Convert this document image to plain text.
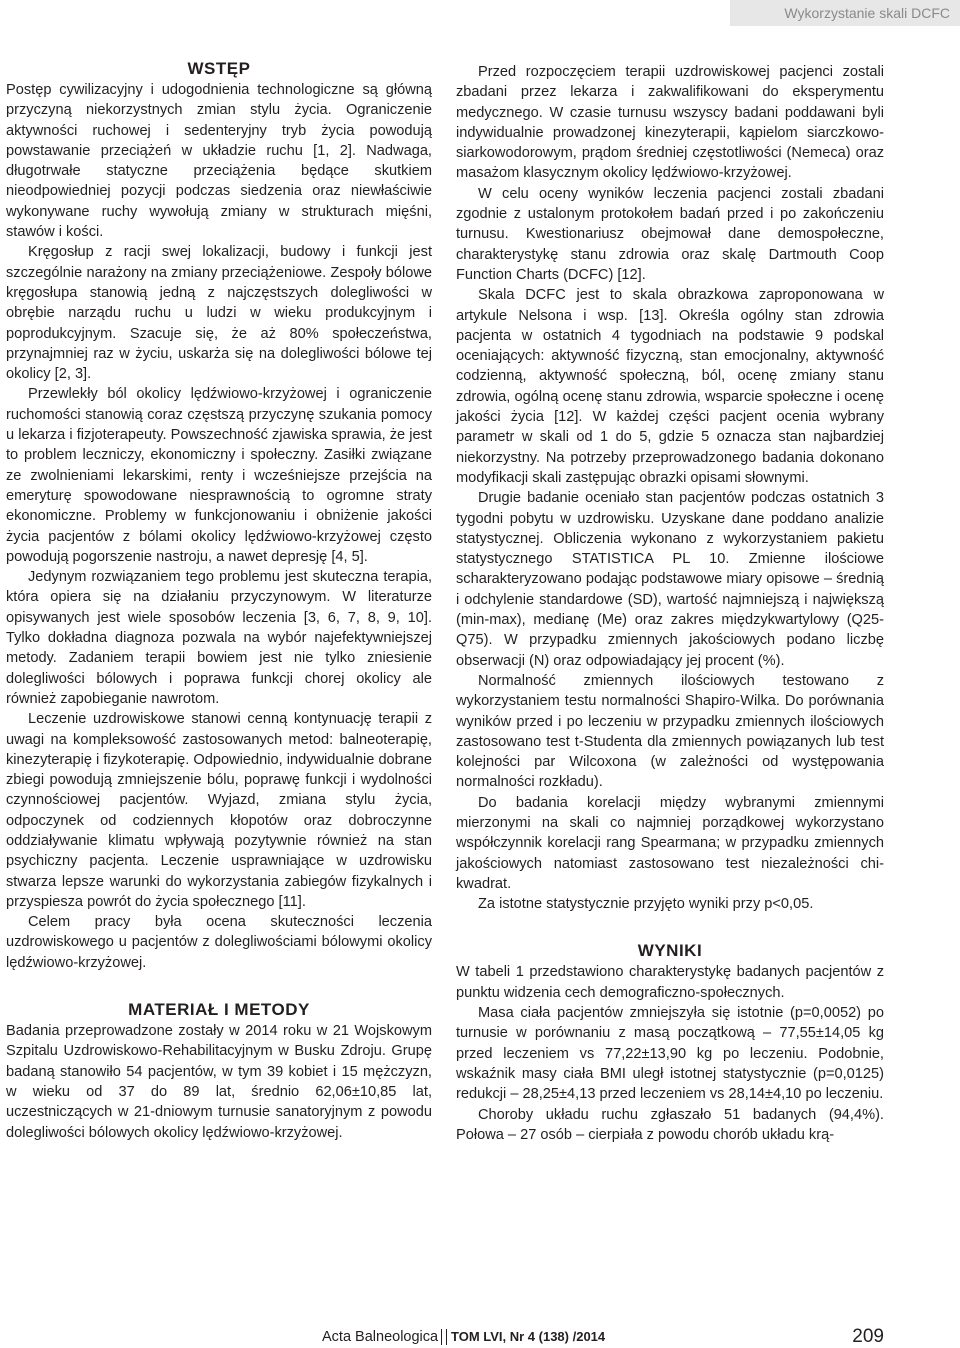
Wykorzystanie skali DCFC
WSTĘP

Postęp cywilizacyjny i udogodnienia technologiczne są główną przyczyną niekorzystnych zmian stylu życia. Ograniczenie aktywności ruchowej i sedenteryjny tryb życia powodują powstawanie przeciążeń w układzie ruchu [1, 2]. Nadwaga, długotrwałe statyczne przeciążenia będące skutkiem nieodpowiedniej pozycji podczas siedzenia oraz niewłaściwie wykonywane ruchy wywołują zmiany w strukturach mięśni, stawów i kości.

Kręgosłup z racji swej lokalizacji, budowy i funkcji jest szczególnie narażony na zmiany przeciążeniowe. Zespoły bólowe kręgosłupa stanowią jedną z najczęstszych dolegliwości w obrębie narządu ruchu u ludzi w wieku produkcyjnym i poprodukcyjnym. Szacuje się, że aż 80% społeczeństwa, przynajmniej raz w życiu, uskarża się na dolegliwości bólowe tej okolicy [2, 3].

Przewlekły ból okolicy lędźwiowo-krzyżowej i ograniczenie ruchomości stanowią coraz częstszą przyczynę szukania pomocy u lekarza i fizjoterapeuty. Powszechność zjawiska sprawia, że jest to problem leczniczy, ekonomiczny i społeczny. Zasiłki związane ze zwolnieniami lekarskimi, renty i wcześniejsze przejścia na emeryturę spowodowane niesprawnością to ogromne straty ekonomiczne. Problemy w funkcjonowaniu i obniżenie jakości życia pacjentów z bólami okolicy lędźwiowo-krzyżowej często powodują pogorszenie nastroju, a nawet depresję [4, 5].

Jedynym rozwiązaniem tego problemu jest skuteczna terapia, która opiera się na działaniu przyczynowym. W literaturze opisywanych jest wiele sposobów leczenia [3, 6, 7, 8, 9, 10]. Tylko dokładna diagnoza pozwala na wybór najefektywniejszej metody. Zadaniem terapii bowiem jest nie tylko zniesienie dolegliwości bólowych i poprawa funkcji chorej okolicy ale również zapobieganie nawrotom.

Leczenie uzdrowiskowe stanowi cenną kontynuację terapii z uwagi na kompleksowość zastosowanych metod: balneoterapię, kinezyterapię i fizykoterapię. Odpowiednio, indywidualnie dobrane zbiegi powodują zmniejszenie bólu, poprawę funkcji i wydolności czynnościowej pacjentów. Wyjazd, zmiana stylu życia, odpoczynek od codziennych kłopotów oraz dobroczynne oddziaływanie klimatu wpływają pozytywnie również na stan psychiczny pacjenta. Leczenie usprawniające w uzdrowisku stwarza lepsze warunki do wykorzystania zabiegów fizykalnych i przyspiesza powrót do życia społecznego [11].

Celem pracy była ocena skuteczności leczenia uzdrowiskowego u pacjentów z dolegliwościami bólowymi okolicy lędźwiowo-krzyżowej.

MATERIAŁ I METODY

Badania przeprowadzone zostały w 2014 roku w 21 Wojskowym Szpitalu Uzdrowiskowo-Rehabilitacyjnym w Busku Zdroju. Grupę badaną stanowiło 54 pacjentów, w tym 39 kobiet i 15 mężczyzn, w wieku od 37 do 89 lat, średnio 62,06±10,85 lat, uczestniczących w 21-dniowym turnusie sanatoryjnym z powodu dolegliwości bólowych okolicy lędźwiowo-krzyżowej.

Przed rozpoczęciem terapii uzdrowiskowej pacjenci zostali zbadani przez lekarza i zakwalifikowani do eksperymentu medycznego. W czasie turnusu wszyscy badani poddawani byli indywidualnie prowadzonej kinezyterapii, kąpielom siarczkowo-siarkowodorowym, prądom średniej częstotliwości (Nemeca) oraz masażom klasycznym okolicy lędźwiowo-krzyżowej.

W celu oceny wyników leczenia pacjenci zostali zbadani zgodnie z ustalonym protokołem badań przed i po zakończeniu turnusu. Kwestionariusz obejmował dane demospołeczne, charakterystykę stanu zdrowia oraz skalę Dartmouth Coop Function Charts (DCFC) [12].

Skala DCFC jest to skala obrazkowa zaproponowana w artykule Nelsona i wsp. [13]. Określa ogólny stan zdrowia pacjenta w ostatnich 4 tygodniach na podstawie 9 podskal oceniających: aktywność fizyczną, stan emocjonalny, aktywność codzienną, aktywność społeczną, ból, ocenę zmiany stanu zdrowia, ogólną ocenę stanu zdrowia, wsparcie społeczne i ocenę jakości życia [12]. W każdej części pacjent ocenia wybrany parametr w skali od 1 do 5, gdzie 5 oznacza stan najbardziej niekorzystny. Na potrzeby przeprowadzonego badania dokonano modyfikacji skali zastępując obrazki opisami słownymi.

Drugie badanie oceniało stan pacjentów podczas ostatnich 3 tygodni pobytu w uzdrowisku. Uzyskane dane poddano analizie statystycznej. Obliczenia wykonano z wykorzystaniem pakietu statystycznego STATISTICA PL 10. Zmienne ilościowe scharakteryzowano podając podstawowe miary opisowe – średnią i odchylenie standardowe (SD), wartość najmniejszą i największą (min-max), medianę (Me) oraz zakres międzykwartylowy (Q25-Q75). W przypadku zmiennych jakościowych podano liczbę obserwacji (N) oraz odpowiadający jej procent (%).

Normalność zmiennych ilościowych testowano z wykorzystaniem testu normalności Shapiro-Wilka. Do porównania wyników przed i po leczeniu w przypadku zmiennych ilościowych zastosowano test t-Studenta dla zmiennych powiązanych lub test kolejności par Wilcoxona (w zależności od występowania normalności rozkładu).

Do badania korelacji między wybranymi zmiennymi mierzonymi na skali co najmniej porządkowej wykorzystano współczynnik korelacji rang Spearmana; w przypadku zmiennych jakościowych natomiast zastosowano test niezależności chi- kwadrat.

Za istotne statystycznie przyjęto wyniki przy p<0,05.

WYNIKI

W tabeli 1 przedstawiono charakterystykę badanych pacjentów z punktu widzenia cech demograficzno-społecznych.

Masa ciała pacjentów zmniejszyła się istotnie (p=0,0052) po turnusie w porównaniu z masą początkową – 77,55±14,05 kg przed leczeniem vs 77,22±13,90 kg po leczeniu. Podobnie, wskaźnik masy ciała BMI uległ istotnej statystycznie (p=0,0125) redukcji – 28,25±4,13 przed leczeniem vs 28,14±4,10 po leczeniu.

Choroby układu ruchu zgłaszało 51 badanych (94,4%). Połowa – 27 osób – cierpiała z powodu chorób układu krą-

Acta Balneologica TOM LVI, Nr 4 (138) /2014	209
